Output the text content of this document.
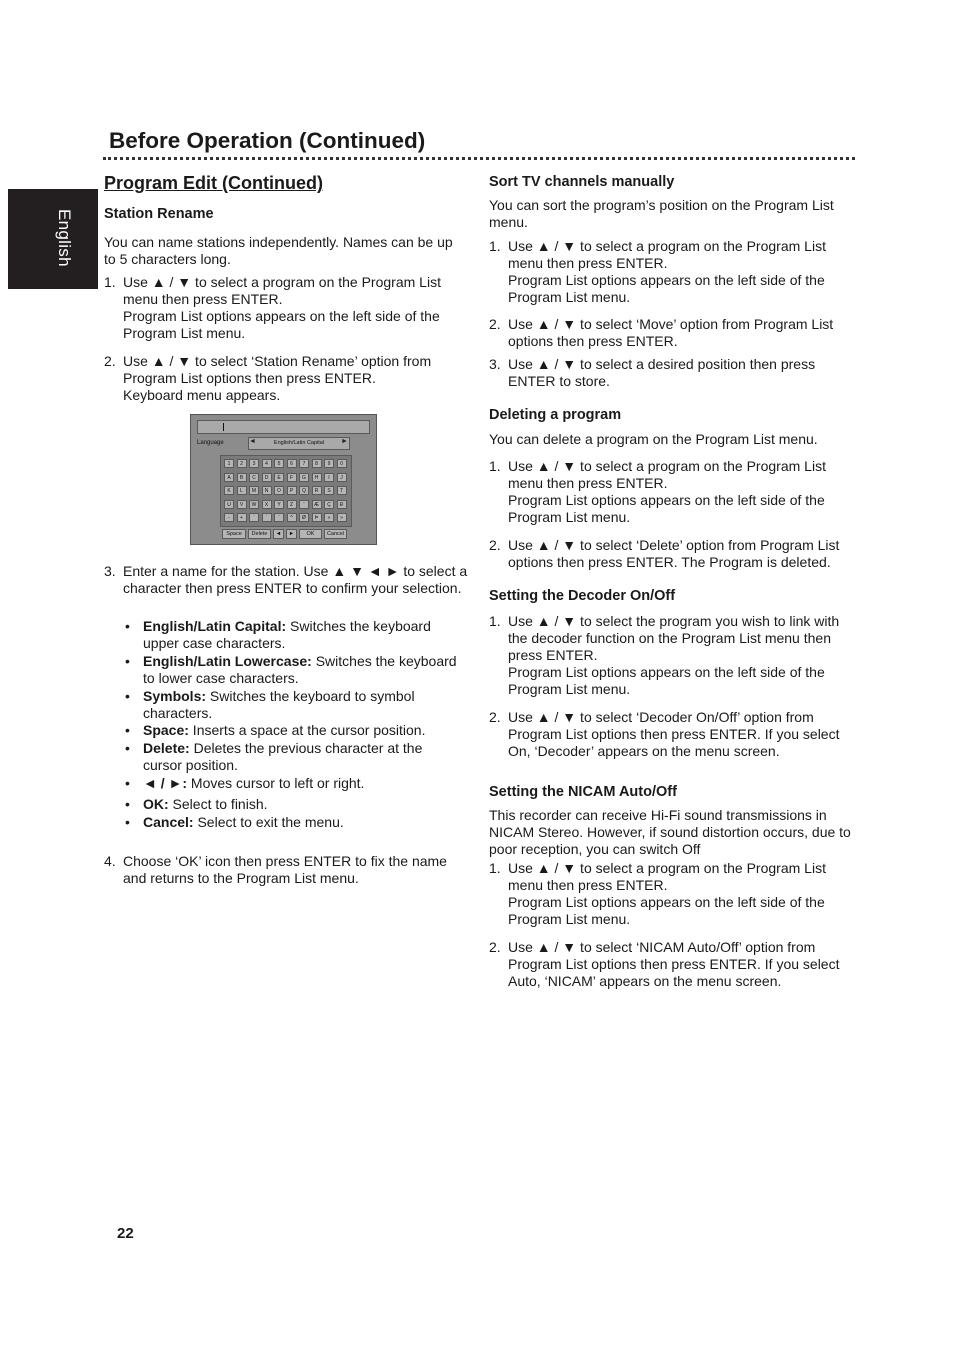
Before Operation (Continued)
English
Program Edit (Continued)
Station Rename

You can name stations independently. Names can be up to 5 characters long.

1. Use ▲ / ▼ to select a program on the Program List menu then press ENTER.
Program List options appears on the left side of the Program List menu.
2. Use ▲ / ▼ to select ‘Station Rename’ option from Program List options then press ENTER.
Keyboard menu appears.
3. Enter a name for the station. Use ▲ ▼ ◄ ► to select a character then press ENTER to confirm your selection.
• English/Latin Capital: Switches the keyboard upper case characters.
• English/Latin Lowercase: Switches the keyboard to lower case characters.
• Symbols: Switches the keyboard to symbol characters.
• Space: Inserts a space at the cursor position.
• Delete: Deletes the previous character at the cursor position.
• ◄ / ►: Moves cursor to left or right.
• OK: Select to finish.
• Cancel: Select to exit the menu.
4. Choose ‘OK’ icon then press ENTER to fix the name and returns to the Program List menu.
Language	English/Latin Capital
◄	►
1	2	3	4	5	6	7	8	9	0
A	B	C	D	E	F	G	H	I	J
K	L	M	N	O	P	Q	R	S	T
U	V	W	X	Y	Z	'	Æ	Ç	Ð
-	+	`	´	¨	^	Ø	Þ	«	»
Space	Delete	◄	►	OK	Cancel
Sort TV channels manually

You can sort the program’s position on the Program List menu.

1. Use ▲ / ▼ to select a program on the Program List menu then press ENTER.
Program List options appears on the left side of the Program List menu.
2. Use ▲ / ▼ to select ‘Move’ option from Program List options then press ENTER.
3. Use ▲ / ▼ to select a desired position then press ENTER to store.
Deleting a program

You can delete a program on the Program List menu.

1. Use ▲ / ▼ to select a program on the Program List menu then press ENTER.
Program List options appears on the left side of the Program List menu.
2. Use ▲ / ▼ to select ‘Delete’ option from Program List options then press ENTER. The Program is deleted.
Setting the Decoder On/Off
1. Use ▲ / ▼ to select the program you wish to link with the decoder function on the Program List menu then press ENTER.
Program List options appears on the left side of the Program List menu.
2. Use ▲ / ▼ to select ‘Decoder On/Off’ option from Program List options then press ENTER. If you select On, ‘Decoder’ appears on the menu screen.
Setting the NICAM Auto/Off

This recorder can receive Hi-Fi sound transmissions in NICAM Stereo. However, if sound distortion occurs, due to poor reception, you can switch Off

1. Use ▲ / ▼ to select a program on the Program List menu then press ENTER.
Program List options appears on the left side of the Program List menu.
2. Use ▲ / ▼ to select ‘NICAM Auto/Off’ option from Program List options then press ENTER. If you select Auto, ‘NICAM’ appears on the menu screen.

22
